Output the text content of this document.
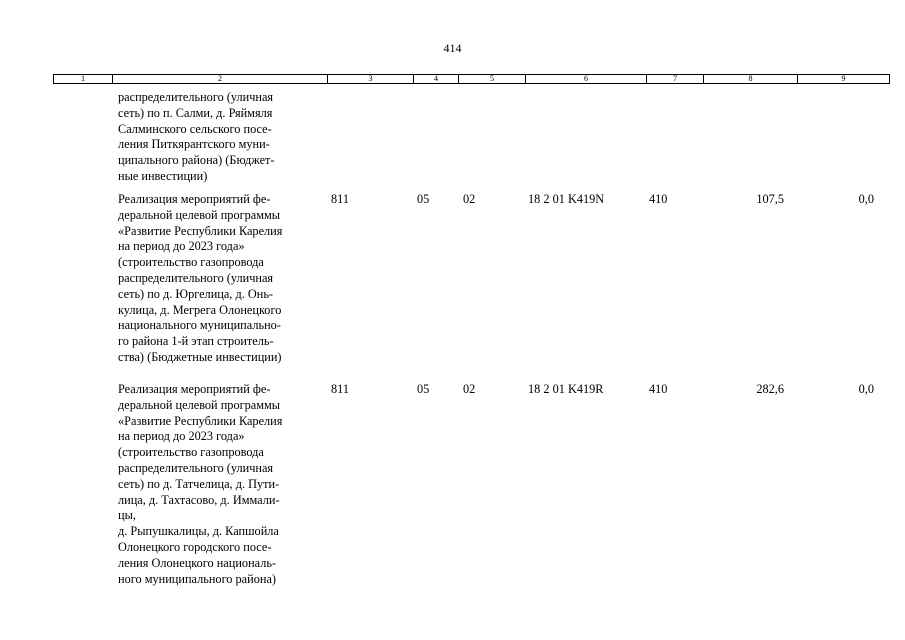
414
1	2	3	4	5	6	7	8	9
распределительного (уличная
сеть) по п. Салми, д. Ряймяля
Салминского сельского посе-
ления Питкярантского муни-
ципального района) (Бюджет-
ные инвестиции)
Реализация мероприятий фе-
деральной целевой программы
«Развитие Республики Карелия
на период до 2023 года»
(строительство газопровода
распределительного (уличная
сеть) по д. Юргелица, д. Онь-
кулица, д. Мегрега Олонецкого
национального муниципально-
го района 1-й этап строитель-
ства) (Бюджетные инвестиции)
811	05	02	18 2 01 K419N	410	107,5	0,0
Реализация мероприятий фе-
деральной целевой программы
«Развитие Республики Карелия
на период до 2023 года»
(строительство газопровода
распределительного (уличная
сеть) по д. Татчелица, д. Пути-
лица, д. Тахтасово, д. Иммали-
цы,
д. Рыпушкалицы, д. Капшойла
Олонецкого городского посе-
ления Олонецкого националь-
ного муниципального района)
811	05	02	18 2 01 K419R	410	282,6	0,0
